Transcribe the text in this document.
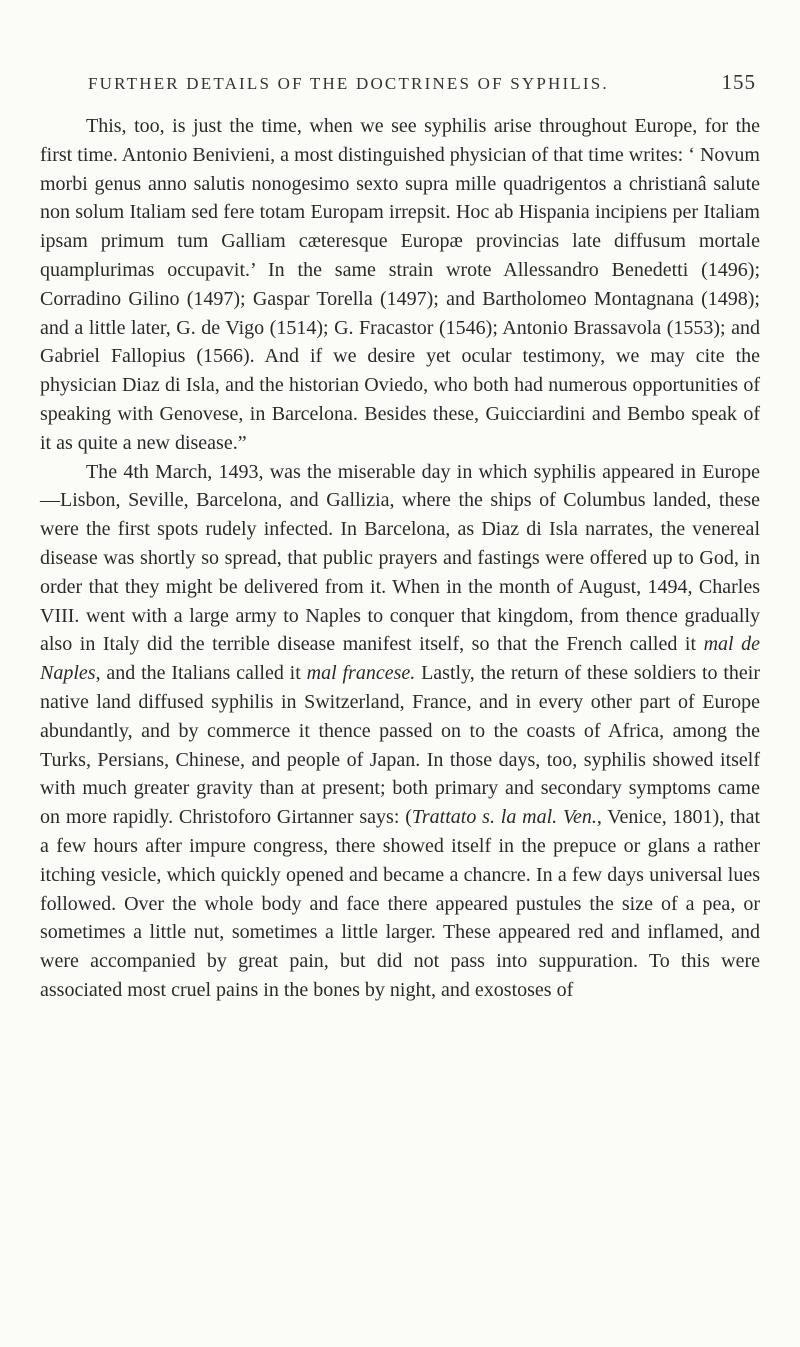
FURTHER DETAILS OF THE DOCTRINES OF SYPHILIS.	155

This, too, is just the time, when we see syphilis arise throughout Europe, for the first time. Antonio Benivieni, a most distinguished physician of that time writes: ‘ Novum morbi genus anno salutis nonogesimo sexto supra mille quadrigentos a christianâ salute non solum Italiam sed fere totam Europam irrepsit. Hoc ab Hispania incipiens per Italiam ipsam primum tum Galliam cæteresque Europæ provincias late diffusum mortale quamplurimas occupavit.’ In the same strain wrote Allessandro Benedetti (1496); Corradino Gilino (1497); Gaspar Torella (1497); and Bartholomeo Montagnana (1498); and a little later, G. de Vigo (1514); G. Fracastor (1546); Antonio Brassavola (1553); and Gabriel Fallopius (1566). And if we desire yet ocular testimony, we may cite the physician Diaz di Isla, and the historian Oviedo, who both had numerous opportunities of speaking with Genovese, in Barcelona. Besides these, Guicciardini and Bembo speak of it as quite a new disease.”

The 4th March, 1493, was the miserable day in which syphilis appeared in Europe—Lisbon, Seville, Barcelona, and Gallizia, where the ships of Columbus landed, these were the first spots rudely infected. In Barcelona, as Diaz di Isla narrates, the venereal disease was shortly so spread, that public prayers and fastings were offered up to God, in order that they might be delivered from it. When in the month of August, 1494, Charles VIII. went with a large army to Naples to conquer that kingdom, from thence gradually also in Italy did the terrible disease manifest itself, so that the French called it mal de Naples, and the Italians called it mal francese. Lastly, the return of these soldiers to their native land diffused syphilis in Switzerland, France, and in every other part of Europe abundantly, and by commerce it thence passed on to the coasts of Africa, among the Turks, Persians, Chinese, and people of Japan. In those days, too, syphilis showed itself with much greater gravity than at present; both primary and secondary symptoms came on more rapidly. Christoforo Girtanner says: (Trattato s. la mal. Ven., Venice, 1801), that a few hours after impure congress, there showed itself in the prepuce or glans a rather itching vesicle, which quickly opened and became a chancre. In a few days universal lues followed. Over the whole body and face there appeared pustules the size of a pea, or sometimes a little nut, sometimes a little larger. These appeared red and inflamed, and were accompanied by great pain, but did not pass into suppuration. To this were associated most cruel pains in the bones by night, and exostoses of
